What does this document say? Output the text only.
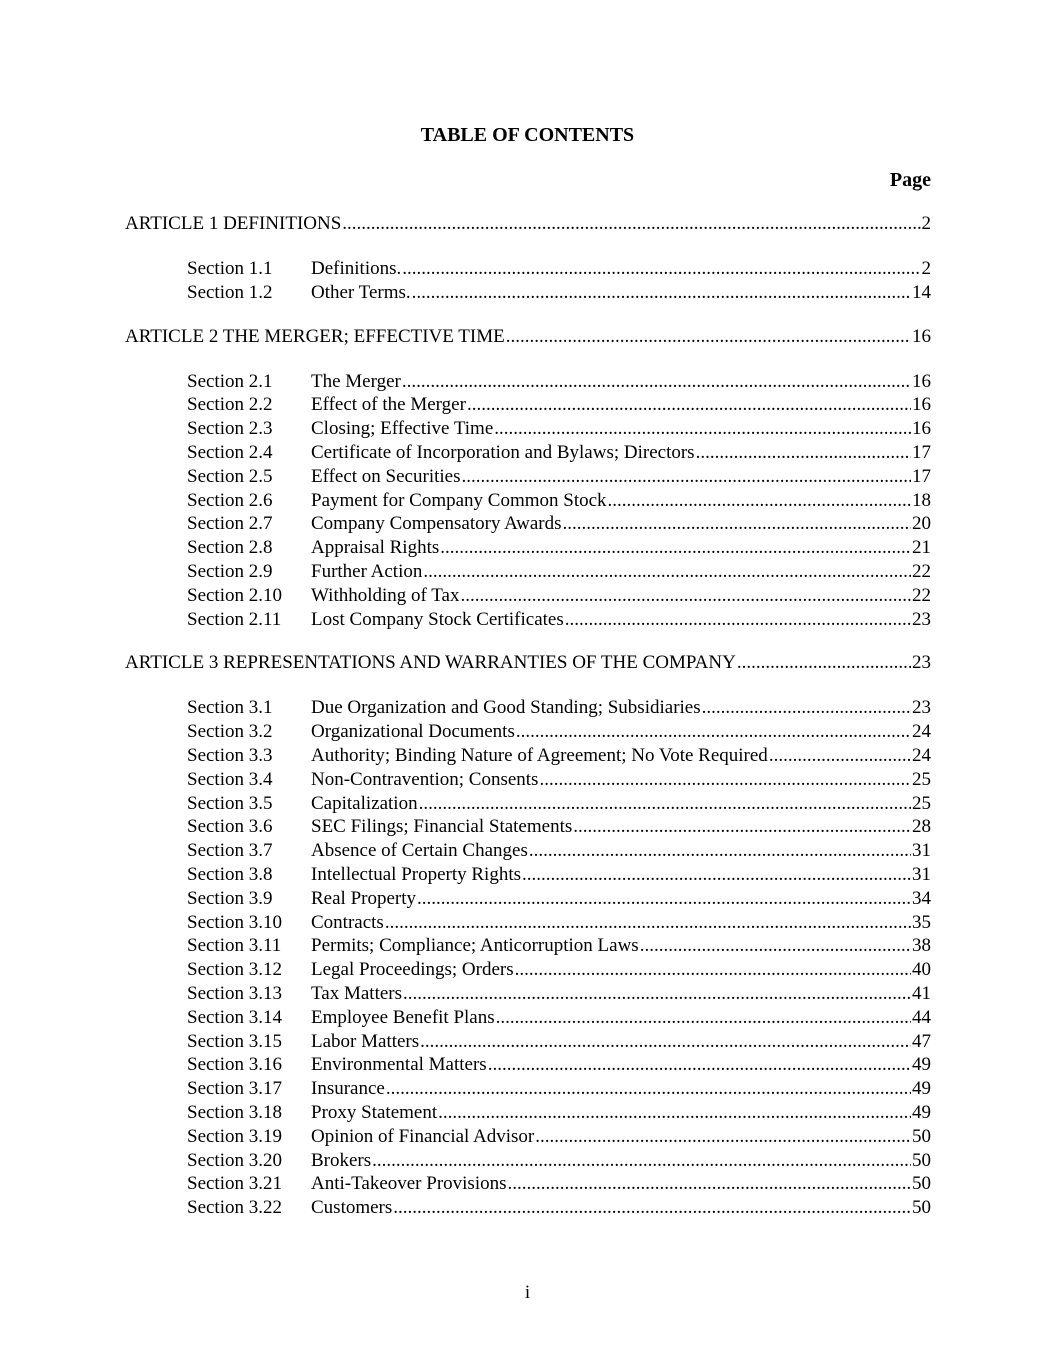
TABLE OF CONTENTS
Page
ARTICLE 1 DEFINITIONS .....	2
Section 1.1	Definitions. .....	2
Section 1.2	Other Terms. .....	14
ARTICLE 2 THE MERGER; EFFECTIVE TIME .....	16
Section 2.1	The Merger .....	16
Section 2.2	Effect of the Merger .....	16
Section 2.3	Closing; Effective Time .....	16
Section 2.4	Certificate of Incorporation and Bylaws; Directors .....	17
Section 2.5	Effect on Securities .....	17
Section 2.6	Payment for Company Common Stock .....	18
Section 2.7	Company Compensatory Awards .....	20
Section 2.8	Appraisal Rights .....	21
Section 2.9	Further Action .....	22
Section 2.10	Withholding of Tax .....	22
Section 2.11	Lost Company Stock Certificates .....	23
ARTICLE 3 REPRESENTATIONS AND WARRANTIES OF THE COMPANY .....	23
Section 3.1	Due Organization and Good Standing; Subsidiaries .....	23
Section 3.2	Organizational Documents .....	24
Section 3.3	Authority; Binding Nature of Agreement; No Vote Required .....	24
Section 3.4	Non-Contravention; Consents .....	25
Section 3.5	Capitalization .....	25
Section 3.6	SEC Filings; Financial Statements .....	28
Section 3.7	Absence of Certain Changes .....	31
Section 3.8	Intellectual Property Rights .....	31
Section 3.9	Real Property .....	34
Section 3.10	Contracts .....	35
Section 3.11	Permits; Compliance; Anticorruption Laws .....	38
Section 3.12	Legal Proceedings; Orders .....	40
Section 3.13	Tax Matters .....	41
Section 3.14	Employee Benefit Plans .....	44
Section 3.15	Labor Matters .....	47
Section 3.16	Environmental Matters .....	49
Section 3.17	Insurance .....	49
Section 3.18	Proxy Statement .....	49
Section 3.19	Opinion of Financial Advisor .....	50
Section 3.20	Brokers .....	50
Section 3.21	Anti-Takeover Provisions .....	50
Section 3.22	Customers .....	50
i
